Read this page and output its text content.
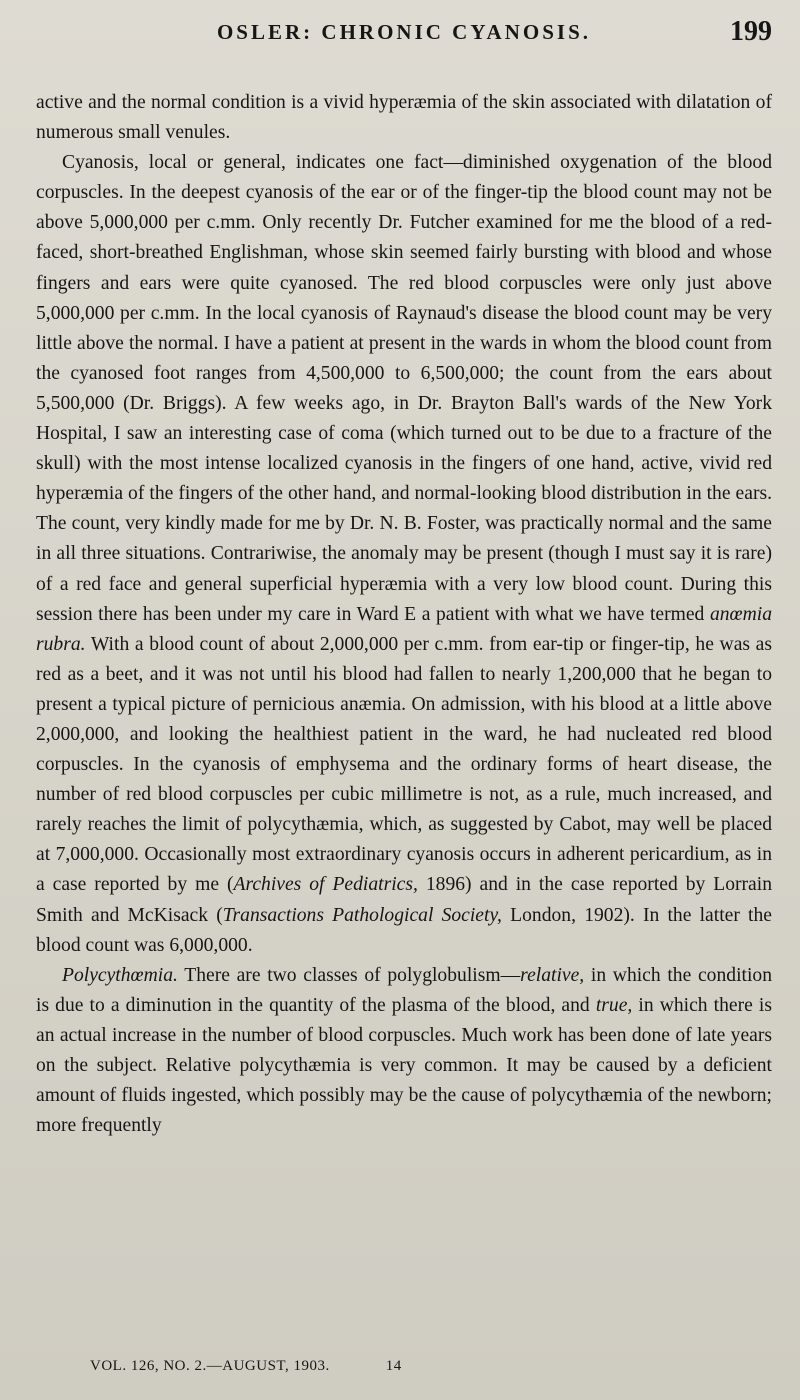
OSLER: CHRONIC CYANOSIS.	199

active and the normal condition is a vivid hyperæmia of the skin associated with dilatation of numerous small venules.

Cyanosis, local or general, indicates one fact—diminished oxygenation of the blood corpuscles. In the deepest cyanosis of the ear or of the finger-tip the blood count may not be above 5,000,000 per c.mm. Only recently Dr. Futcher examined for me the blood of a red-faced, short-breathed Englishman, whose skin seemed fairly bursting with blood and whose fingers and ears were quite cyanosed. The red blood corpuscles were only just above 5,000,000 per c.mm. In the local cyanosis of Raynaud's disease the blood count may be very little above the normal. I have a patient at present in the wards in whom the blood count from the cyanosed foot ranges from 4,500,000 to 6,500,000; the count from the ears about 5,500,000 (Dr. Briggs). A few weeks ago, in Dr. Brayton Ball's wards of the New York Hospital, I saw an interesting case of coma (which turned out to be due to a fracture of the skull) with the most intense localized cyanosis in the fingers of one hand, active, vivid red hyperæmia of the fingers of the other hand, and normal-looking blood distribution in the ears. The count, very kindly made for me by Dr. N. B. Foster, was practically normal and the same in all three situations. Contrariwise, the anomaly may be present (though I must say it is rare) of a red face and general superficial hyperæmia with a very low blood count. During this session there has been under my care in Ward E a patient with what we have termed anœmia rubra. With a blood count of about 2,000,000 per c.mm. from ear-tip or finger-tip, he was as red as a beet, and it was not until his blood had fallen to nearly 1,200,000 that he began to present a typical picture of pernicious anæmia. On admission, with his blood at a little above 2,000,000, and looking the healthiest patient in the ward, he had nucleated red blood corpuscles. In the cyanosis of emphysema and the ordinary forms of heart disease, the number of red blood corpuscles per cubic millimetre is not, as a rule, much increased, and rarely reaches the limit of polycythæmia, which, as suggested by Cabot, may well be placed at 7,000,000. Occasionally most extraordinary cyanosis occurs in adherent pericardium, as in a case reported by me (Archives of Pediatrics, 1896) and in the case reported by Lorrain Smith and McKisack (Transactions Pathological Society, London, 1902). In the latter the blood count was 6,000,000.

Polycythœmia. There are two classes of polyglobulism—relative, in which the condition is due to a diminution in the quantity of the plasma of the blood, and true, in which there is an actual increase in the number of blood corpuscles. Much work has been done of late years on the subject. Relative polycythæmia is very common. It may be caused by a deficient amount of fluids ingested, which possibly may be the cause of polycythæmia of the newborn; more frequently

VOL. 126, NO. 2.—AUGUST, 1903.	14
